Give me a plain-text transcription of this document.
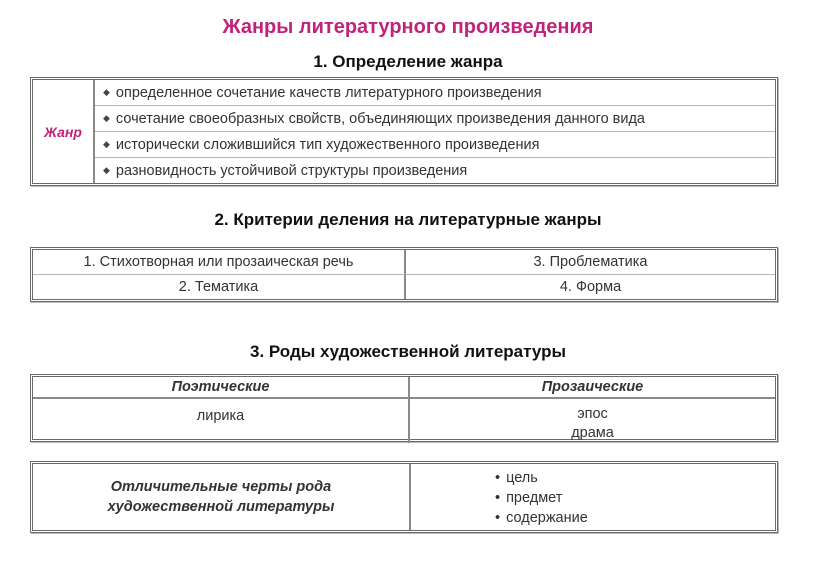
Жанры литературного произведения
1. Определение жанра
Жанр
◆ определенное сочетание качеств литературного произведения
◆ сочетание своеобразных свойств, объединяющих произведения данного вида
◆ исторически сложившийся тип художественного произведения
◆ разновидность устойчивой структуры произведения
2. Критерии деления на литературные жанры
1. Стихотворная или прозаическая речь	3. Проблематика
2. Тематика	4. Форма
3. Роды художественной литературы
Поэтические	Прозаические
лирика	эпос
драма
Отличительные черты рода
художественной литературы
• цель
• предмет
• содержание
